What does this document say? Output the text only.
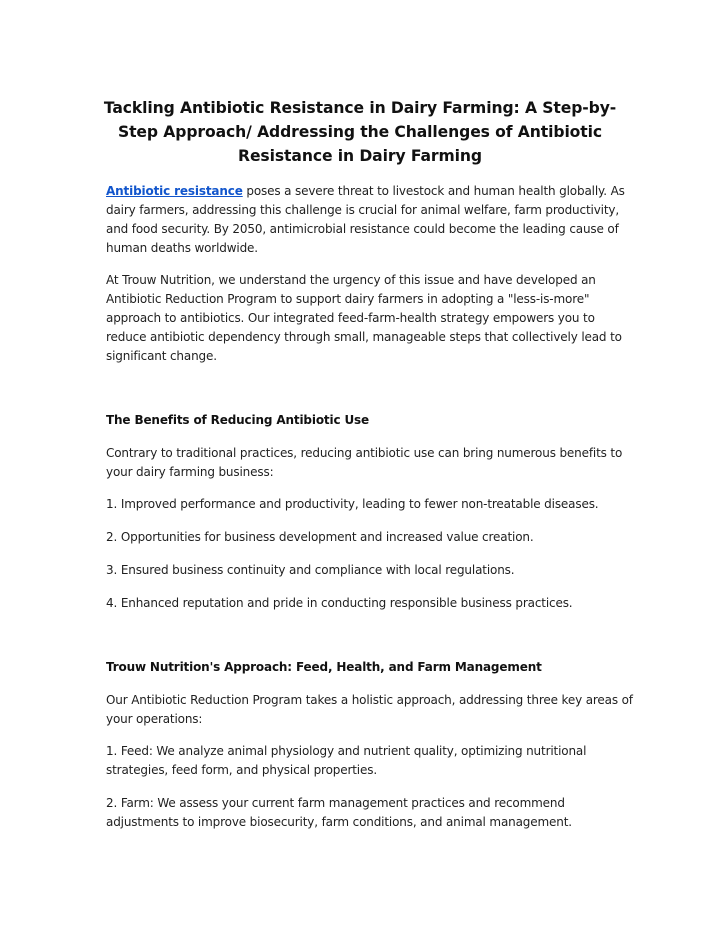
Tackling Antibiotic Resistance in Dairy Farming: A Step-by-Step Approach/ Addressing the Challenges of Antibiotic Resistance in Dairy Farming

Antibiotic resistance poses a severe threat to livestock and human health globally. As dairy farmers, addressing this challenge is crucial for animal welfare, farm productivity, and food security. By 2050, antimicrobial resistance could become the leading cause of human deaths worldwide.

At Trouw Nutrition, we understand the urgency of this issue and have developed an Antibiotic Reduction Program to support dairy farmers in adopting a "less-is-more" approach to antibiotics. Our integrated feed-farm-health strategy empowers you to reduce antibiotic dependency through small, manageable steps that collectively lead to significant change.

The Benefits of Reducing Antibiotic Use

Contrary to traditional practices, reducing antibiotic use can bring numerous benefits to your dairy farming business:

1. Improved performance and productivity, leading to fewer non-treatable diseases.

2. Opportunities for business development and increased value creation.

3. Ensured business continuity and compliance with local regulations.

4. Enhanced reputation and pride in conducting responsible business practices.

Trouw Nutrition's Approach: Feed, Health, and Farm Management

Our Antibiotic Reduction Program takes a holistic approach, addressing three key areas of your operations:

1. Feed: We analyze animal physiology and nutrient quality, optimizing nutritional strategies, feed form, and physical properties.

2. Farm: We assess your current farm management practices and recommend adjustments to improve biosecurity, farm conditions, and animal management.
